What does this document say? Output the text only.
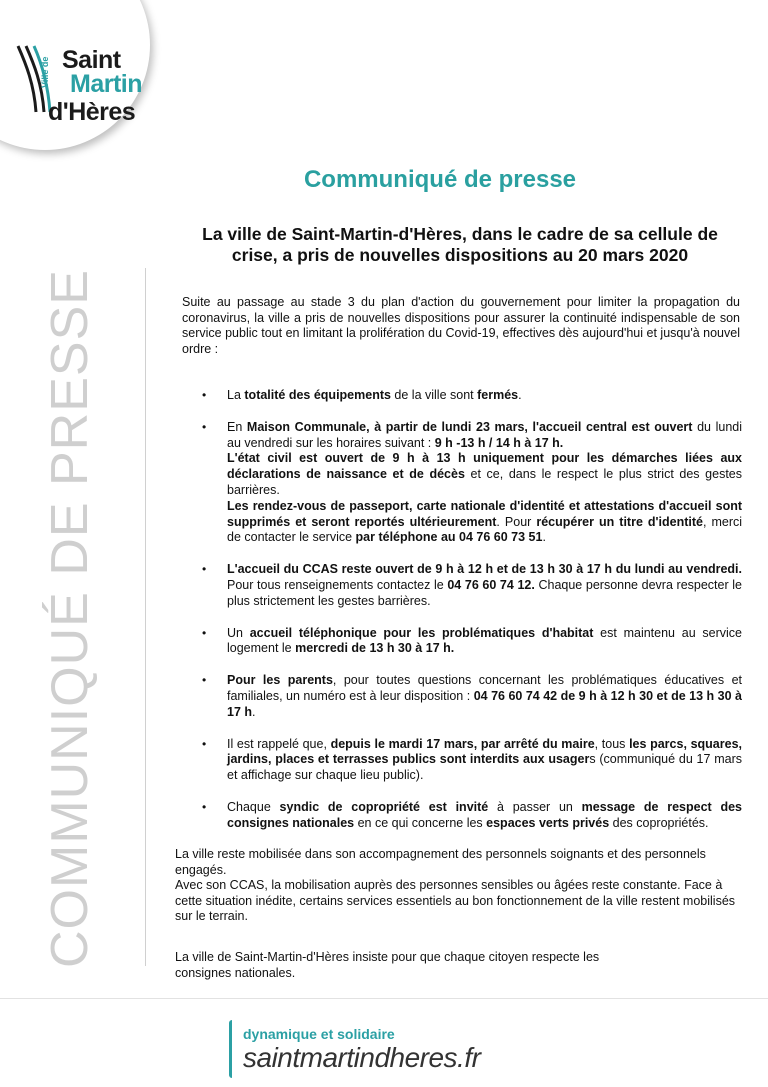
Ville de Saint
Martin
d'Hères
COMMUNIQUÉ DE PRESSE
Communiqué de presse
La ville de Saint-Martin-d'Hères, dans le cadre de sa cellule de crise, a pris de nouvelles dispositions au 20 mars 2020
Suite au passage au stade 3 du plan d'action du gouvernement pour limiter la propagation du coronavirus, la ville a pris de nouvelles dispositions pour assurer la continuité indispensable de son service public tout en limitant la prolifération du Covid-19, effectives dès aujourd'hui et jusqu'à nouvel ordre :
• La totalité des équipements de la ville sont fermés.
• En Maison Communale, à partir de lundi 23 mars, l'accueil central est ouvert du lundi au vendredi sur les horaires suivant : 9 h -13 h / 14 h à 17 h.
L'état civil est ouvert de 9 h à 13 h uniquement pour les démarches liées aux déclarations de naissance et de décès et ce, dans le respect le plus strict des gestes barrières.
Les rendez-vous de passeport, carte nationale d'identité et attestations d'accueil sont supprimés et seront reportés ultérieurement. Pour récupérer un titre d'identité, merci de contacter le service par téléphone au 04 76 60 73 51.
• L'accueil du CCAS reste ouvert de 9 h à 12 h et de 13 h 30 à 17 h du lundi au vendredi. Pour tous renseignements contactez le 04 76 60 74 12. Chaque personne devra respecter le plus strictement les gestes barrières.
• Un accueil téléphonique pour les problématiques d'habitat est maintenu au service logement le mercredi de 13 h 30 à 17 h.
• Pour les parents, pour toutes questions concernant les problématiques éducatives et familiales, un numéro est à leur disposition : 04 76 60 74 42 de 9 h à 12 h 30 et de 13 h 30 à 17 h.
• Il est rappelé que, depuis le mardi 17 mars, par arrêté du maire, tous les parcs, squares, jardins, places et terrasses publics sont interdits aux usagers (communiqué du 17 mars et affichage sur chaque lieu public).
• Chaque syndic de copropriété est invité à passer un message de respect des consignes nationales en ce qui concerne les espaces verts privés des copropriétés.

La ville reste mobilisée dans son accompagnement des personnels soignants et des personnels engagés.

Avec son CCAS, la mobilisation auprès des personnes sensibles ou âgées reste constante. Face à cette situation inédite, certains services essentiels au bon fonctionnement de la ville restent mobilisés sur le terrain.

La ville de Saint-Martin-d'Hères insiste pour que chaque citoyen respecte les consignes nationales.
dynamique et solidaire
saintmartindheres.fr
